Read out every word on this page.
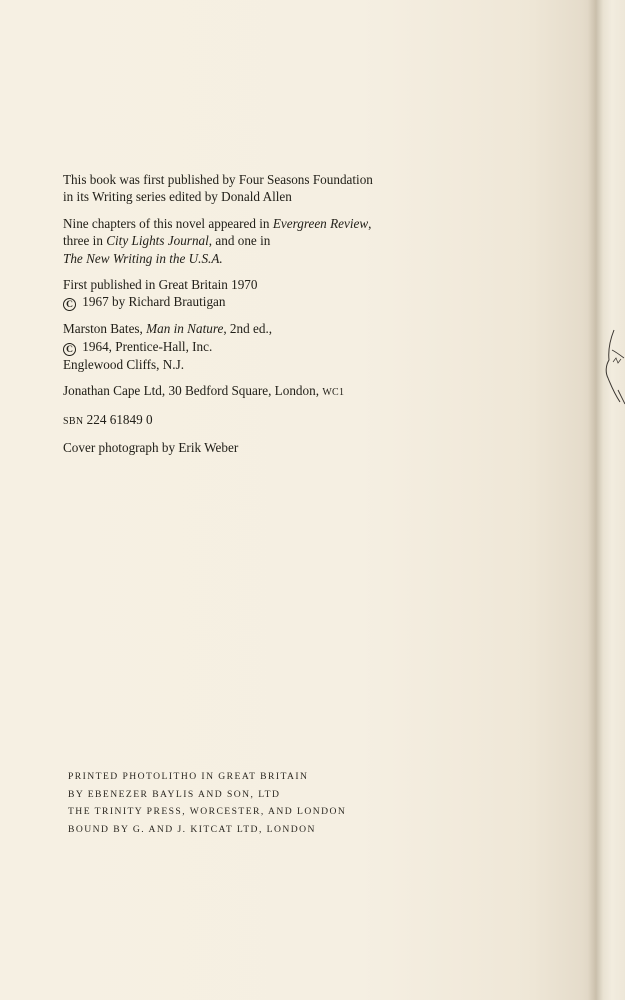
This book was first published by Four Seasons Foundation
in its Writing series edited by Donald Allen

Nine chapters of this novel appeared in Evergreen Review,
three in City Lights Journal, and one in
The New Writing in the U.S.A.

First published in Great Britain 1970
C 1967 by Richard Brautigan

Marston Bates, Man in Nature, 2nd ed.,
C 1964, Prentice-Hall, Inc.
Englewood Cliffs, N.J.

Jonathan Cape Ltd, 30 Bedford Square, London, WC1

SBN 224 61849 0

Cover photograph by Erik Weber

PRINTED PHOTOLITHO IN GREAT BRITAIN
BY EBENEZER BAYLIS AND SON, LTD
THE TRINITY PRESS, WORCESTER, AND LONDON
BOUND BY G. AND J. KITCAT LTD, LONDON
